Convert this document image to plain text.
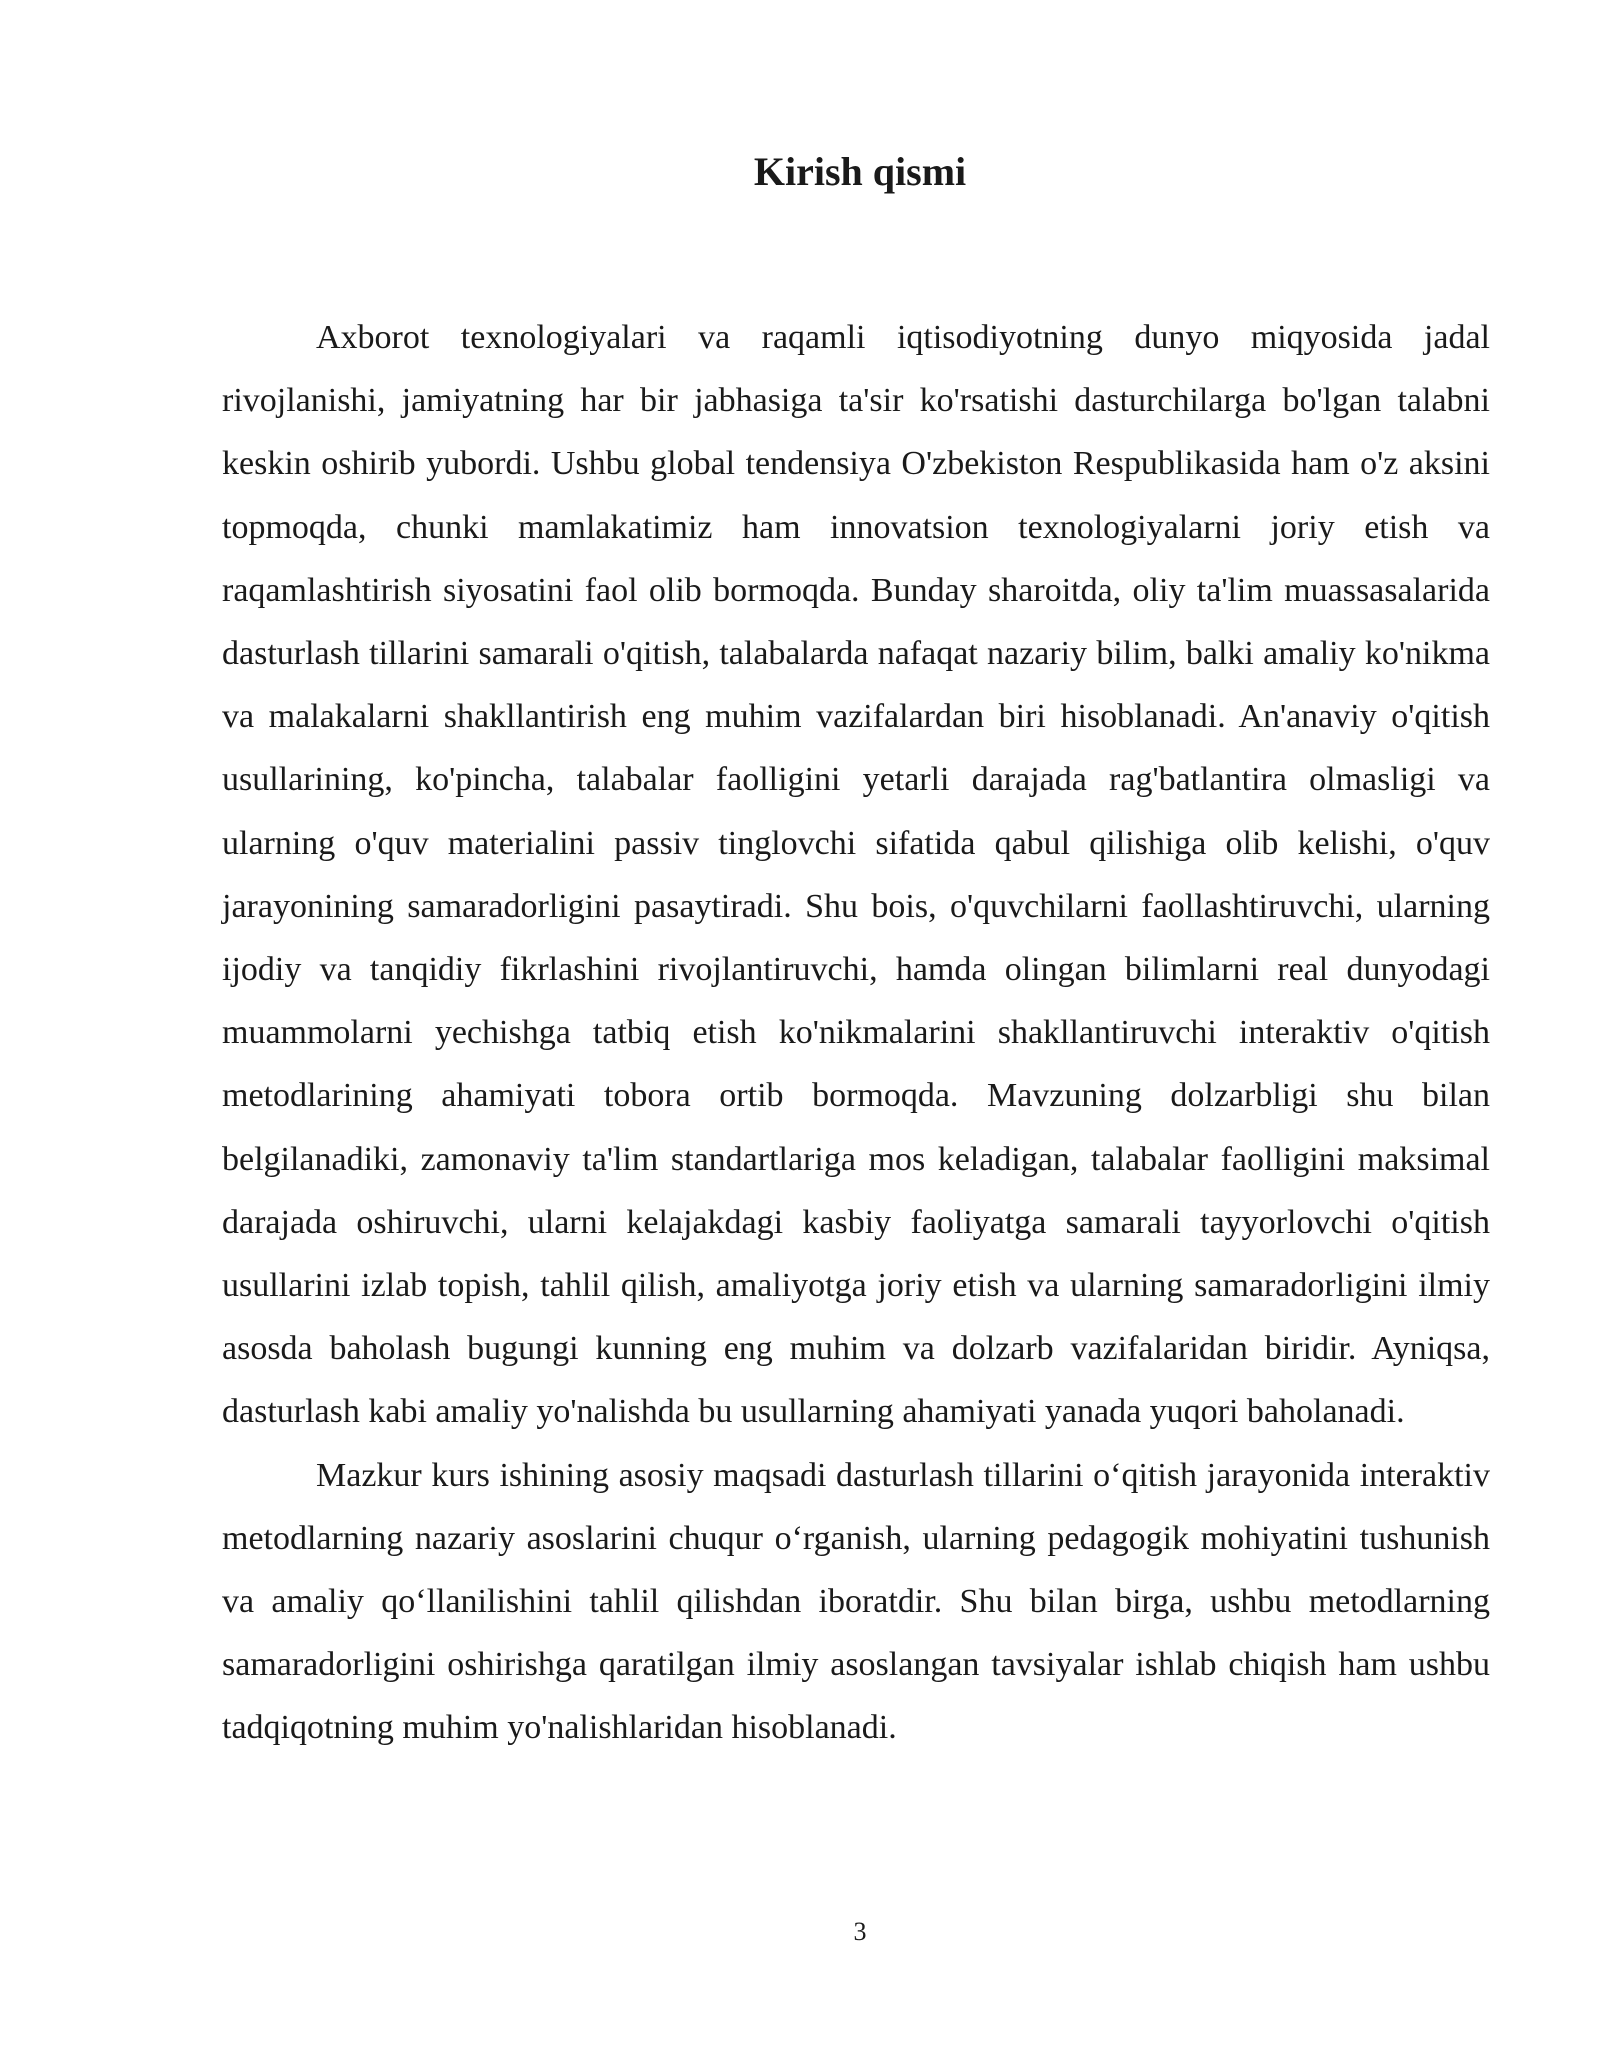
Kirish qismi

Axborot texnologiyalari va raqamli iqtisodiyotning dunyo miqyosida jadal rivojlanishi, jamiyatning har bir jabhasiga ta'sir ko'rsatishi dasturchilarga bo'lgan talabni keskin oshirib yubordi. Ushbu global tendensiya O'zbekiston Respublikasida ham o'z aksini topmoqda, chunki mamlakatimiz ham innovatsion texnologiyalarni joriy etish va raqamlashtirish siyosatini faol olib bormoqda. Bunday sharoitda, oliy ta'lim muassasalarida dasturlash tillarini samarali o'qitish, talabalarda nafaqat nazariy bilim, balki amaliy ko'nikma va malakalarni shakllantirish eng muhim vazifalardan biri hisoblanadi. An'anaviy o'qitish usullarining, ko'pincha, talabalar faolligini yetarli darajada rag'batlantira olmasligi va ularning o'quv materialini passiv tinglovchi sifatida qabul qilishiga olib kelishi, o'quv jarayonining samaradorligini pasaytiradi. Shu bois, o'quvchilarni faollashtiruvchi, ularning ijodiy va tanqidiy fikrlashini rivojlantiruvchi, hamda olingan bilimlarni real dunyodagi muammolarni yechishga tatbiq etish ko'nikmalarini shakllantiruvchi interaktiv o'qitish metodlarining ahamiyati tobora ortib bormoqda. Mavzuning dolzarbligi shu bilan belgilanadiki, zamonaviy ta'lim standartlariga mos keladigan, talabalar faolligini maksimal darajada oshiruvchi, ularni kelajakdagi kasbiy faoliyatga samarali tayyorlovchi o'qitish usullarini izlab topish, tahlil qilish, amaliyotga joriy etish va ularning samaradorligini ilmiy asosda baholash bugungi kunning eng muhim va dolzarb vazifalaridan biridir. Ayniqsa, dasturlash kabi amaliy yo'nalishda bu usullarning ahamiyati yanada yuqori baholanadi.

Mazkur kurs ishining asosiy maqsadi dasturlash tillarini o‘qitish jarayonida interaktiv metodlarning nazariy asoslarini chuqur o‘rganish, ularning pedagogik mohiyatini tushunish va amaliy qo‘llanilishini tahlil qilishdan iboratdir. Shu bilan birga, ushbu metodlarning samaradorligini oshirishga qaratilgan ilmiy asoslangan tavsiyalar ishlab chiqish ham ushbu tadqiqotning muhim yo'nalishlaridan hisoblanadi.

3
